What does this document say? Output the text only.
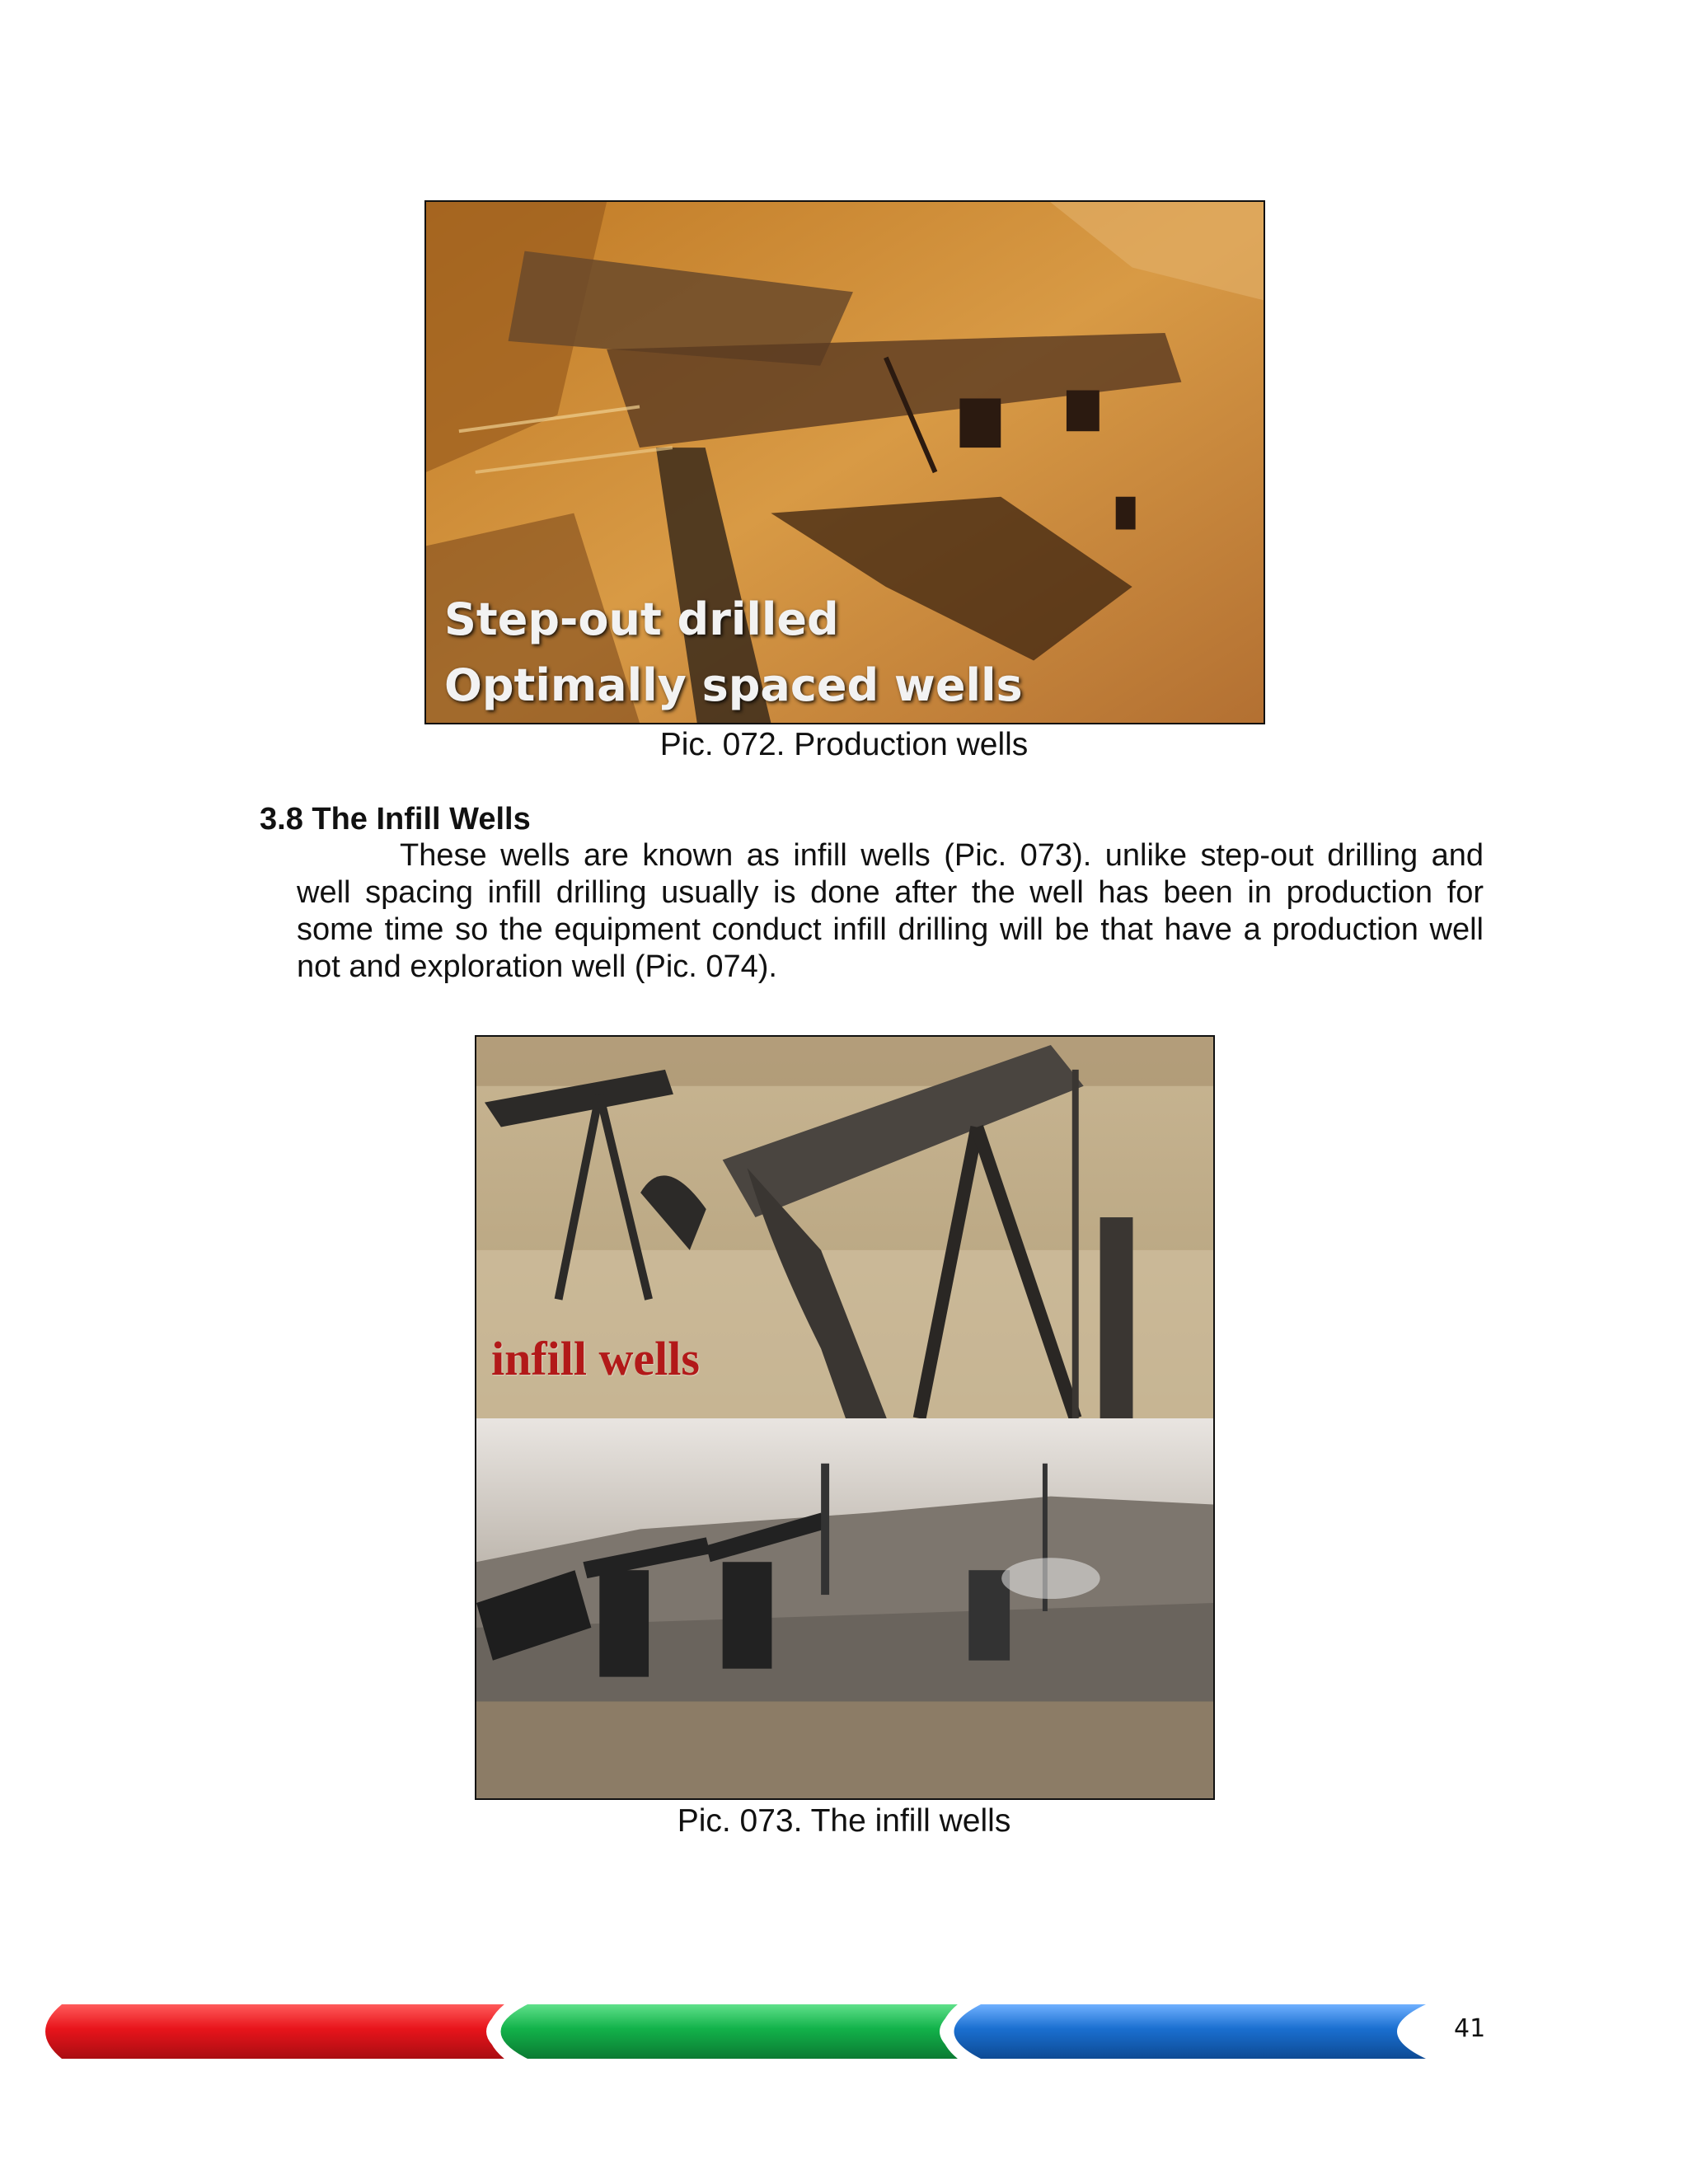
Step-out drilled
Optimally spaced wells
Pic. 072. Production wells
3.8 The Infill Wells
These wells are known as infill wells (Pic. 073). unlike step-out drilling and well spacing infill drilling usually is done after the well has been in production for some time so the equipment conduct infill drilling will be that have a production well not and exploration well (Pic. 074).
infill wells
Pic. 073. The infill wells
41
